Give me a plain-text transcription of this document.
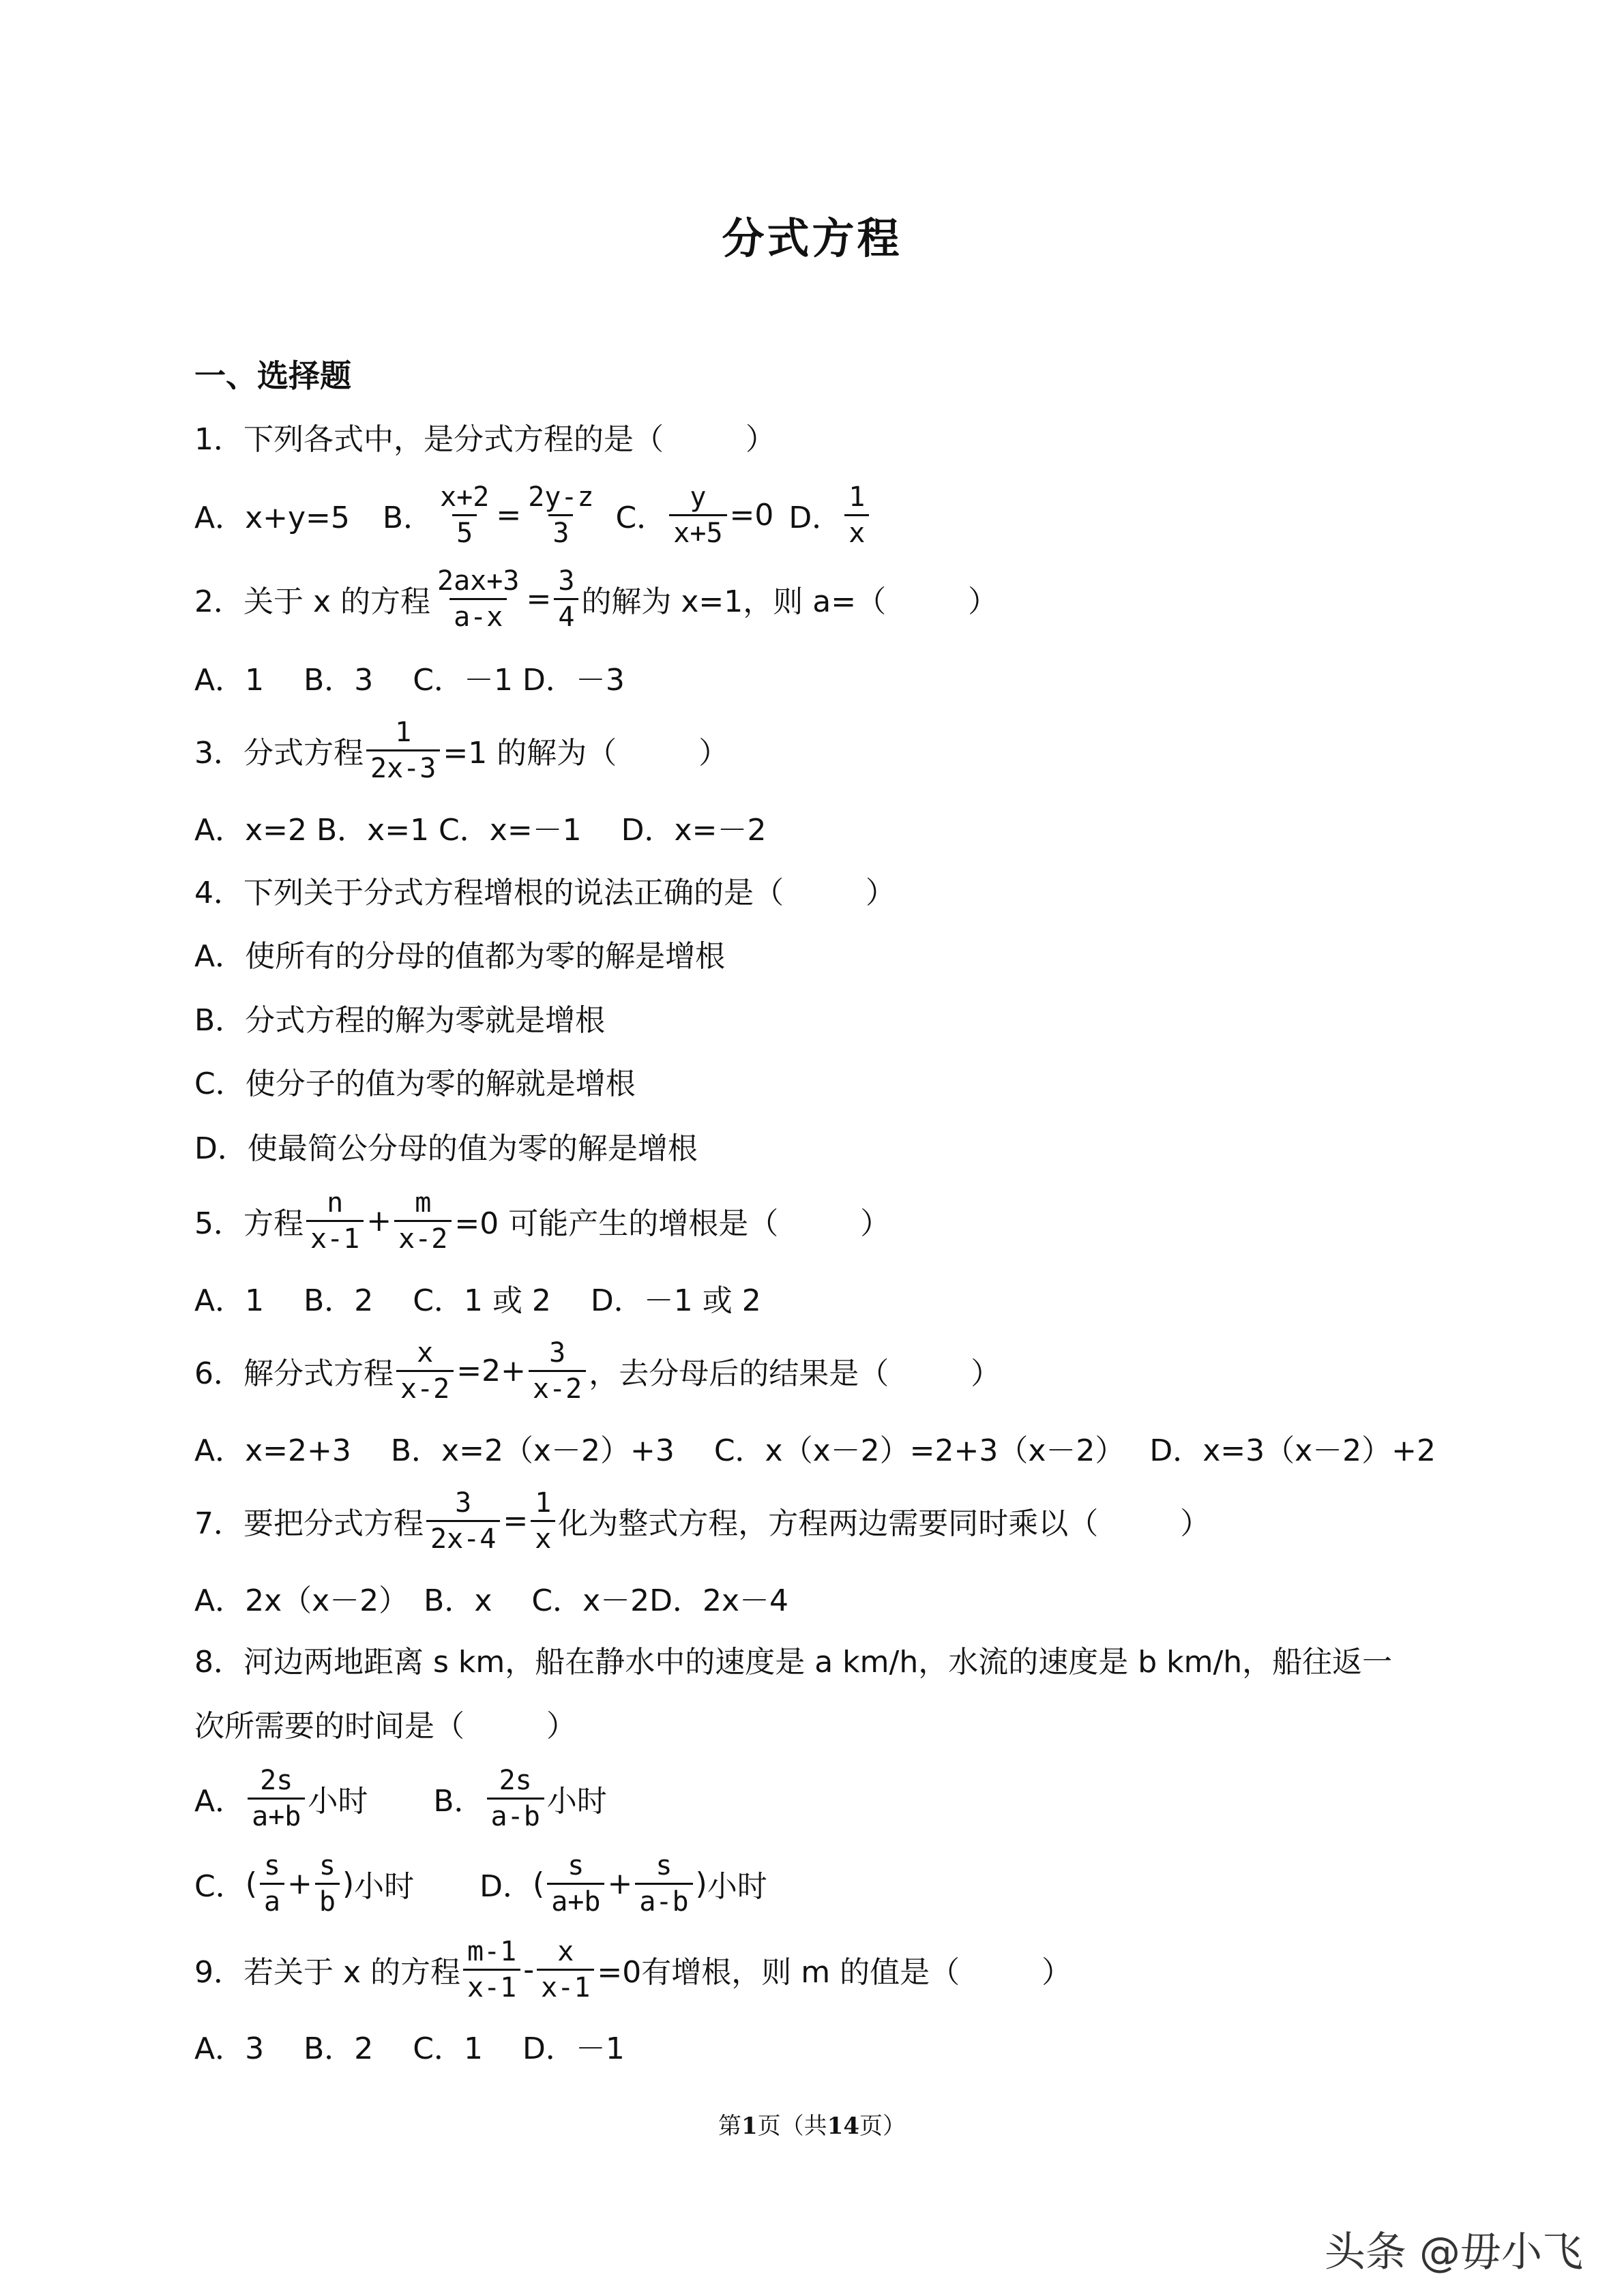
分式方程
一、选择题
1．下列各式中，是分式方程的是（	）
A．x+y=5 B． $\frac{x+2}{5} = \frac{2y-z}{3}$ C． $\frac{y}{x+5} =0$ D． $\frac{1}{x}$
2．关于 x 的方程 $\frac{2ax+3}{a-x} = \frac{3}{4}$ 的解为 x=1，则 a=（	）
A．1　 B．3　 C．－1 D．－3
3．分式方程 $\frac{1}{2x-3} =1$ 的解为（	）
A．x=2 B．x=1 C．x=－1　 D．x=－2
4．下列关于分式方程增根的说法正确的是（	）
A．使所有的分母的值都为零的解是增根
B．分式方程的解为零就是增根
C．使分子的值为零的解就是增根
D．使最简公分母的值为零的解是增根
5．方程 $\frac{n}{x-1} + \frac{m}{x-2} =0$ 可能产生的增根是（	）
A．1　 B．2　 C．1 或 2　 D．－1 或 2
6．解分式方程 $\frac{x}{x-2} =2+ \frac{3}{x-2}$ ，去分母后的结果是（	）
A．x=2+3　 B．x=2（x－2）+3　 C．x（x－2）=2+3（x－2）　 D．x=3（x－2）+2
7．要把分式方程 $\frac{3}{2x-4} = \frac{1}{x}$ 化为整式方程，方程两边需要同时乘以（	）
A．2x（x－2）　B．x　 C．x－2D．2x－4
8．河边两地距离 s km，船在静水中的速度是 a km/h，水流的速度是 b km/h，船往返一
次所需要的时间是（	）
A． $\frac{2s}{a+b}$ 小时 B． $\frac{2s}{a-b}$ 小时
C． ( $\frac{s}{a} + \frac{s}{b}$ ) 小时 D． ( $\frac{s}{a+b} + \frac{s}{a-b}$ ) 小时
9．若关于 x 的方程 $\frac{m-1}{x-1} - \frac{x}{x-1} =0$有增根，则 m 的值是（	）
A．3　 B．2　 C．1　 D．－1
第1页（共14页）
头条 @毋小飞
